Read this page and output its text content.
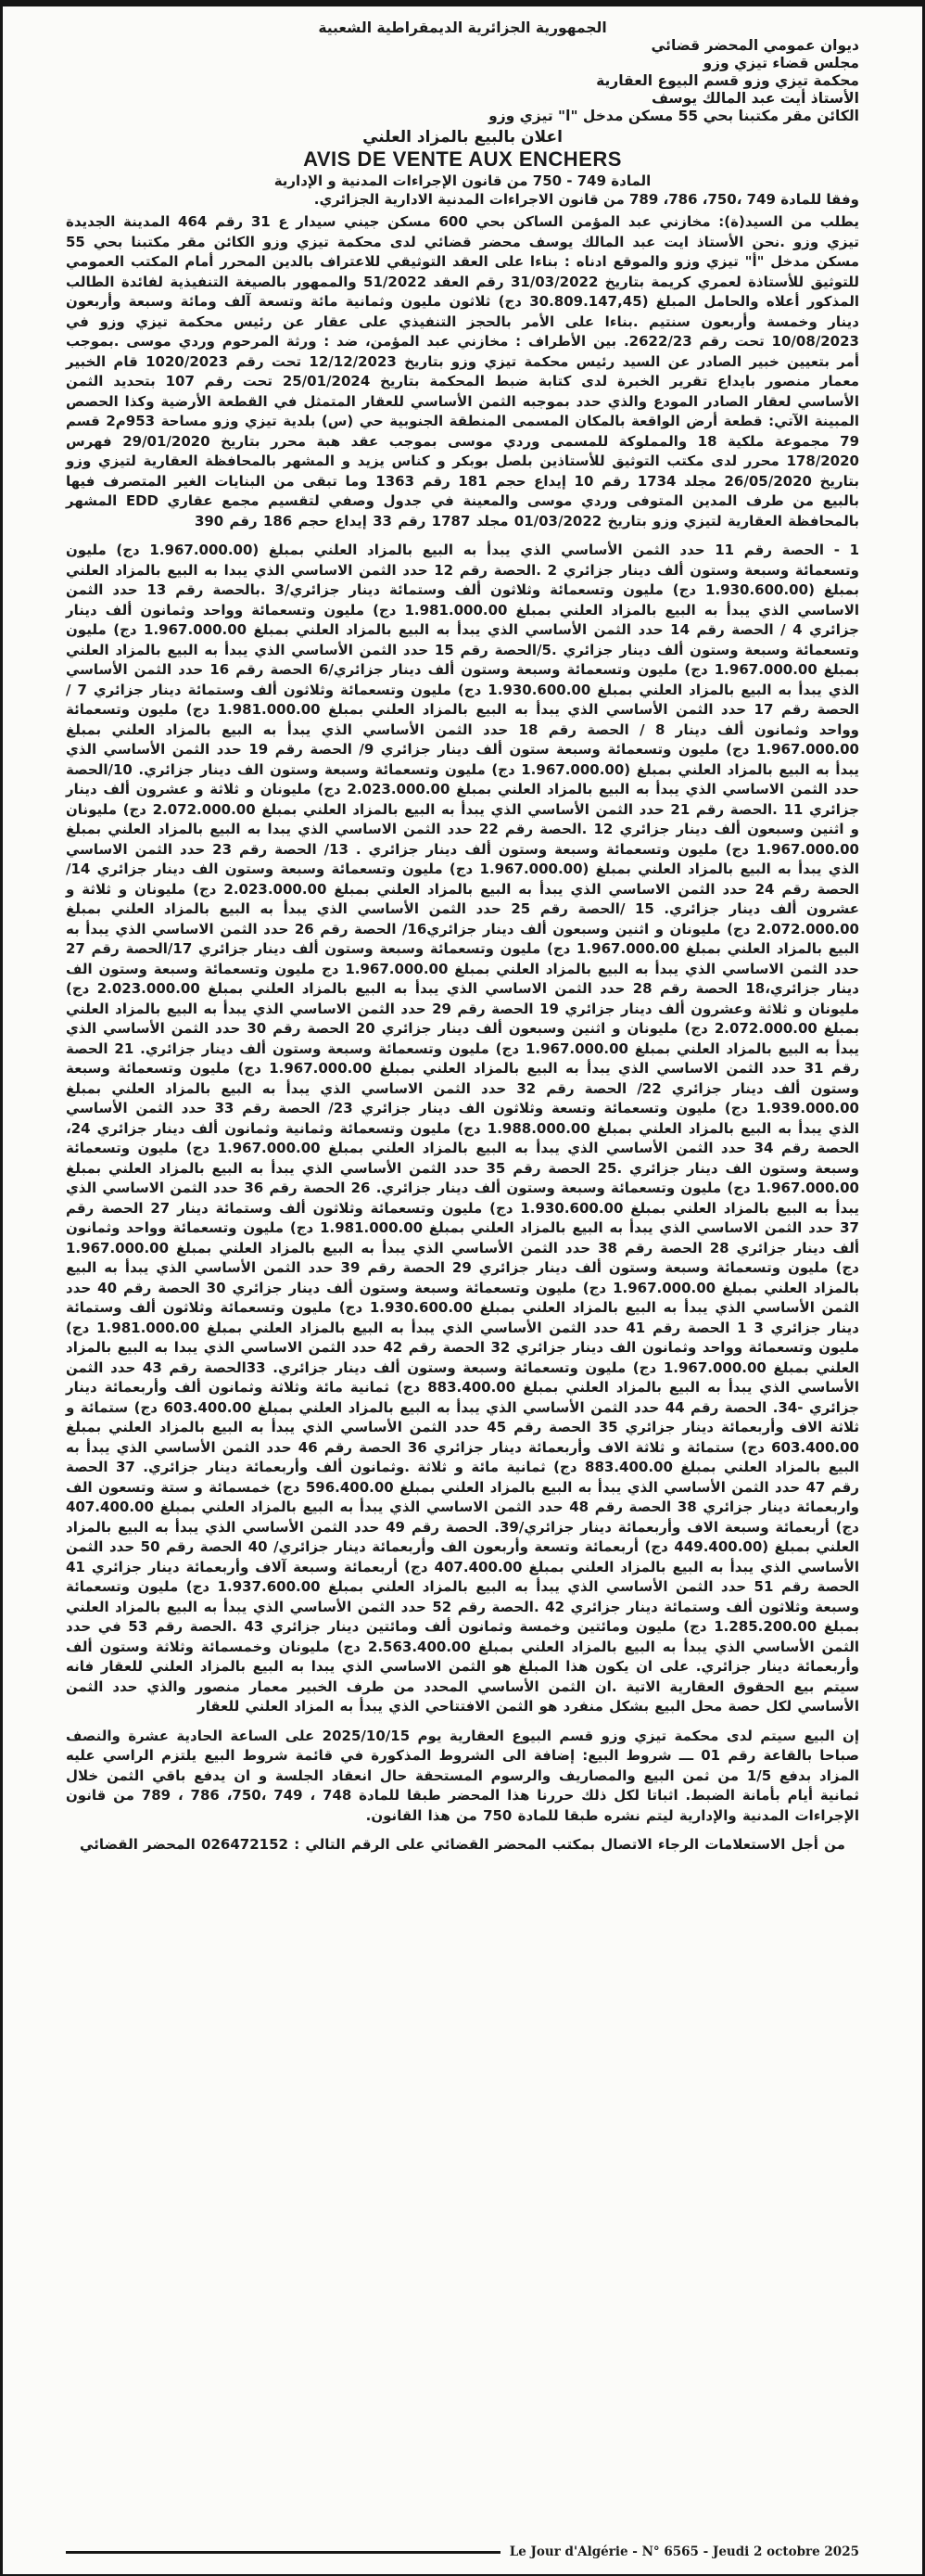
الجمهورية الجزائرية الديمقراطية الشعبية
ديوان عمومي المحضر قضائي
مجلس قضاء تيزي وزو
محكمة تيزي وزو قسم البيوع العقارية
الأستاذ أيت عبد المالك يوسف
الكائن مقر مكتبنا بحي 55 مسكن مدخل "ا" تيزي وزو
اعلان بالبيع بالمزاد العلني
AVIS DE VENTE AUX ENCHERS
المادة 749 - 750 من قانون الإجراءات المدنية و الإدارية
وفقا للمادة 749 ،750، 786، 789 من قانون الاجراءات المدنية الادارية الجزائري.

يطلب من السيد(ة): مخازني عبد المؤمن الساكن بحي 600 مسكن جيني سيدار ع 31 رقم 464 المدينة الجديدة تيزي وزو .نحن الأستاذ ايت عبد المالك يوسف محضر قضائي لدى محكمة تيزي وزو الكائن مقر مكتبنا بحي 55 مسكن مدخل "أ" تيزي وزو والموقع ادناه : بناءا على العقد التوثيقي للاعتراف بالدين المحرر أمام المكتب العمومي للتوثيق للأستاذة لعمري كريمة بتاريخ 31/03/2022 رقم العقد 51/2022 والممهور بالصيغة التنفيذية لفائدة الطالب المذكور أعلاه والحامل المبلغ (30.809.147,45 دج) ثلاثون مليون وثمانية مائة وتسعة آلف ومائة وسبعة وأربعون دينار وخمسة وأربعون سنتيم .بناءا على الأمر بالحجز التنفيذي على عقار عن رئيس محكمة تيزي وزو في 10/08/2023 تحت رقم 2622/23. بين الأطراف : مخازني عبد المؤمن، ضد : ورثة المرحوم وردي موسى .بموجب أمر بتعيين خبير الصادر عن السيد رئيس محكمة تيزي وزو بتاريخ 12/12/2023 تحت رقم 1020/2023 قام الخبير معمار منصور بايداع تقرير الخبرة لدى كتابة ضبط المحكمة بتاريخ 25/01/2024 تحت رقم 107 بتحديد الثمن الأساسي لعقار الصادر المودع والذي حدد بموجبه الثمن الأساسي للعقار المتمثل في القطعة الأرضية وكذا الحصص المبينة الآتي: قطعة أرض الواقعة بالمكان المسمى المنطقة الجنوبية حي (س) بلدية تيزي وزو مساحة 953م2 قسم 79 مجموعة ملكية 18 والمملوكة للمسمى وردي موسى بموجب عقد هبة محرر بتاريخ 29/01/2020 فهرس 178/2020 محرر لدى مكتب التوثيق للأستاذين بلصل بوبكر و كناس يزيد و المشهر بالمحافظة العقارية لتيزي وزو بتاريخ 26/05/2020 مجلد 1734 رقم 10 إيداع حجم 181 رقم 1363 وما تبقى من البنايات الغير المتصرف فيها بالبيع من طرف المدين المتوفى وردي موسى والمعينة في جدول وصفي لتقسيم مجمع عقاري EDD المشهر بالمحافظة العقارية لتيزي وزو بتاريخ 01/03/2022 مجلد 1787 رقم 33 إيداع حجم 186 رقم 390

1 - الحصة رقم 11 حدد الثمن الأساسي الذي يبدأ به البيع بالمزاد العلني بمبلغ (1.967.000.00 دج) مليون وتسعمائة وسبعة وستون ألف دينار جزائري 2 .الحصة رقم 12 حدد الثمن الاساسي الذي يبدا به البيع بالمزاد العلني بمبلغ (1.930.600.00 دج) مليون وتسعمائة وثلاثون ألف وستمائة دينار جزائري/3 .بالحصة رقم 13 حدد الثمن الاساسي الذي يبدأ به البيع بالمزاد العلني بمبلغ 1.981.000.00 دج) مليون وتسعمائة وواحد وثمانون ألف دينار جزائري 4 / الحصة رقم 14 حدد الثمن الأساسي الذي يبدأ به البيع بالمزاد العلني بمبلغ 1.967.000.00 دج) مليون وتسعمائة وسبعة وستون ألف دينار جزائري .5/الحصة رقم 15 حدد الثمن الأساسي الذي يبدأ به البيع بالمزاد العلني بمبلغ 1.967.000.00 دج) مليون وتسعمائة وسبعة وستون ألف دينار جزائري/6 الحصة رقم 16 حدد الثمن الأساسي الذي يبدأ به البيع بالمزاد العلني بمبلغ 1.930.600.00 دج) مليون وتسعمائة وثلاثون ألف وستمائة دينار جزائري 7 / الحصة رقم 17 حدد الثمن الأساسي الذي يبدأ به البيع بالمزاد العلني بمبلغ 1.981.000.00 دج) مليون وتسعمائة وواحد وثمانون ألف دينار 8 / الحصة رقم 18 حدد الثمن الأساسي الذي يبدأ به البيع بالمزاد العلني بمبلغ 1.967.000.00 دج) مليون وتسعمائة وسبعة ستون ألف دينار جزائري 9/ الحصة رقم 19 حدد الثمن الأساسي الذي يبدأ به البيع بالمزاد العلني بمبلغ (1.967.000.00 دج) مليون وتسعمائة وسبعة وستون الف دينار جزائري. 10/الحصة حدد الثمن الاساسي الذي يبدأ به البيع بالمزاد العلني بمبلغ 2.023.000.00 دج) مليونان و ثلاثة و عشرون ألف دينار جزائري 11 .الحصة رقم 21 حدد الثمن الأساسي الذي يبدأ به البيع بالمزاد العلني بمبلغ 2.072.000.00 دج) مليونان و اثنين وسبعون ألف دينار جزائري 12 .الحصة رقم 22 حدد الثمن الاساسي الذي يبدا به البيع بالمزاد العلني بمبلغ 1.967.000.00 دج) مليون وتسعمائة وسبعة وستون ألف دينار جزائري . 13/ الحصة رقم 23 حدد الثمن الاساسي الذي يبدأ به البيع بالمزاد العلني بمبلغ (1.967.000.00 دج) مليون وتسعمائة وسبعة وستون الف دينار جزائري 14/الحصة رقم 24 حدد الثمن الاساسي الذي يبدأ به البيع بالمزاد العلني بمبلغ 2.023.000.00 دج) مليونان و ثلاثة و عشرون ألف دينار جزائري. 15 /الحصة رقم 25 حدد الثمن الأساسي الذي يبدأ به البيع بالمزاد العلني بمبلغ 2.072.000.00 دج) مليونان و اثنين وسبعون ألف دينار جزائري16/ الحصة رقم 26 حدد الثمن الاساسي الذي يبدأ به البيع بالمزاد العلني بمبلغ 1.967.000.00 دج) مليون وتسعمائة وسبعة وستون ألف دينار جزائري 17/الحصة رقم 27 حدد الثمن الاساسي الذي يبدأ به البيع بالمزاد العلني بمبلغ 1.967.000.00 دج مليون وتسعمائة وسبعة وستون الف دينار جزائري،18 الحصة رقم 28 حدد الثمن الاساسي الذي يبدأ به البيع بالمزاد العلني بمبلغ 2.023.000.00 دج) مليونان و ثلاثة وعشرون ألف دينار جزائري 19 الحصة رقم 29 حدد الثمن الاساسي الذي يبدأ به البيع بالمزاد العلني بمبلغ 2.072.000.00 دج) مليونان و اثنين وسبعون ألف دينار جزائري 20 الحصة رقم 30 حدد الثمن الأساسي الذي يبدأ به البيع بالمزاد العلني بمبلغ 1.967.000.00 دج) مليون وتسعمائة وسبعة وستون ألف دينار جزائري. 21 الحصة رقم 31 حدد الثمن الاساسي الذي يبدأ به البيع بالمزاد العلني بمبلغ 1.967.000.00 دج) مليون وتسعمائة وسبعة وستون ألف دينار جزائري 22/ الحصة رقم 32 حدد الثمن الاساسي الذي يبدأ به البيع بالمزاد العلني بمبلغ 1.939.000.00 دج) مليون وتسعمائة وتسعة وثلاثون الف دينار جزائري 23/ الحصة رقم 33 حدد الثمن الأساسي الذي يبدأ به البيع بالمزاد العلني بمبلغ 1.988.000.00 دج) مليون وتسعمائة وثمانية وثمانون ألف دينار جزائري 24، الحصة رقم 34 حدد الثمن الأساسي الذي يبدأ به البيع بالمزاد العلني بمبلغ 1.967.000.00 دج) مليون وتسعمائة وسبعة وستون الف دينار جزائري .25 الحصة رقم 35 حدد الثمن الأساسي الذي يبدأ به البيع بالمزاد العلني بمبلغ 1.967.000.00 دج) مليون وتسعمائة وسبعة وستون ألف دينار جزائري. 26 الحصة رقم 36 حدد الثمن الاساسي الذي يبدأ به البيع بالمزاد العلني بمبلغ 1.930.600.00 دج) مليون وتسعمائة وثلاثون ألف وستمائة دينار 27 الحصة رقم 37 حدد الثمن الاساسي الذي يبدأ به البيع بالمزاد العلني بمبلغ 1.981.000.00 دج) مليون وتسعمائة وواحد وثمانون ألف دينار جزائري 28 الحصة رقم 38 حدد الثمن الأساسي الذي يبدأ به البيع بالمزاد العلني بمبلغ 1.967.000.00 دج) مليون وتسعمائة وسبعة وستون ألف دينار جزائري 29 الحصة رقم 39 حدد الثمن الأساسي الذي يبدأ به البيع بالمزاد العلني بمبلغ 1.967.000.00 دج) مليون وتسعمائة وسبعة وستون ألف دينار جزائري 30 الحصة رقم 40 حدد الثمن الأساسي الذي يبدأ به البيع بالمزاد العلني بمبلغ 1.930.600.00 دج) مليون وتسعمائة وثلاثون ألف وستمائة دينار جزائري 3 1 الحصة رقم 41 حدد الثمن الأساسي الذي يبدأ به البيع بالمزاد العلني بمبلغ 1.981.000.00 دج) مليون وتسعمائة وواحد وثمانون الف دينار جزائري 32 الحصة رقم 42 حدد الثمن الاساسي الذي يبدا به البيع بالمزاد العلني بمبلغ 1.967.000.00 دج) مليون وتسعمائة وسبعة وستون ألف دينار جزائري. 33الحصة رقم 43 حدد الثمن الأساسي الذي يبدأ به البيع بالمزاد العلني بمبلغ 883.400.00 دج) ثمانية مائة وثلاثة وثمانون ألف وأربعمائة دينار جزائري -34. الحصة رقم 44 حدد الثمن الأساسي الذي يبدأ به البيع بالمزاد العلني بمبلغ 603.400.00 دج) ستمائة و ثلاثة الاف وأربعمائة دينار جزائري 35 الحصة رقم 45 حدد الثمن الأساسي الذي يبدأ به البيع بالمزاد العلني بمبلغ 603.400.00 دج) ستمائة و ثلاثة الاف وأربعمائة دينار جزائري 36 الحصة رقم 46 حدد الثمن الأساسي الذي يبدأ به البيع بالمزاد العلني بمبلغ 883.400.00 دج) ثمانية مائة و ثلاثة .وثمانون ألف وأربعمائة دينار جزائري. 37 الحصة رقم 47 حدد الثمن الأساسي الذي يبدأ به البيع بالمزاد العلني بمبلغ 596.400.00 دج) خمسمائة و ستة وتسعون الف واربعمائة دينار جزائري 38 الحصة رقم 48 حدد الثمن الاساسي الذي يبدأ به البيع بالمزاد العلني بمبلغ 407.400.00 دج) أربعمائة وسبعة الاف وأربعمائة دينار جزائري/39. الحصة رقم 49 حدد الثمن الأساسي الذي يبدأ به البيع بالمزاد العلني بمبلغ (449.400.00 دج) أربعمائة وتسعة وأربعون الف وأربعمائة دينار جزائري/ 40 الحصة رقم 50 حدد الثمن الأساسي الذي يبدأ به البيع بالمزاد العلني بمبلغ 407.400.00 دج) أربعمائة وسبعة آلاف وأربعمائة دينار جزائري 41 الحصة رقم 51 حدد الثمن الأساسي الذي يبدأ به البيع بالمزاد العلني بمبلغ 1.937.600.00 دج) مليون وتسعمائة وسبعة وثلاثون ألف وستمائة دينار جزائري 42 .الحصة رقم 52 حدد الثمن الأساسي الذي يبدأ به البيع بالمزاد العلني بمبلغ 1.285.200.00 دج) مليون ومائتين وخمسة وثمانون ألف ومائتين دينار جزائري 43 .الحصة رقم 53 في حدد الثمن الأساسي الذي يبدأ به البيع بالمزاد العلني بمبلغ 2.563.400.00 دج) مليونان وخمسمائة وثلاثة وستون ألف وأربعمائة دينار جزائري. على ان يكون هذا المبلغ هو الثمن الاساسي الذي يبدا به البيع بالمزاد العلني للعقار فانه سيتم بيع الحقوق العقارية الاتية .ان الثمن الأساسي المحدد من طرف الخبير معمار منصور والذي حدد الثمن الأساسي لكل حصة محل البيع بشكل منفرد هو الثمن الافتتاحي الذي يبدأ به المزاد العلني للعقار

إن البيع سيتم لدى محكمة تيزي وزو قسم البيوع العقارية يوم 2025/10/15 على الساعة الحادية عشرة والنصف صباحا بالقاعة رقم 01 ـــ شروط البيع: إضافة الى الشروط المذكورة في قائمة شروط البيع يلتزم الراسي عليه المزاد بدفع 1/5 من ثمن البيع والمصاريف والرسوم المستحقة حال انعقاد الجلسة و ان يدفع باقي الثمن خلال ثمانية أيام بأمانة الضبط. اثباتا لكل ذلك حررنا هذا المحضر طبقا للمادة 748 ، 749 ،750، 786 ، 789 من قانون الإجراءات المدنية والإدارية ليتم نشره طبقا للمادة 750 من هذا القانون.

من أجل الاستعلامات الرجاء الاتصال بمكتب المحضر القضائي على الرقم التالي : 026472152 المحضر القضائي

Le Jour d'Algérie - N° 6565 - Jeudi 2 octobre 2025
